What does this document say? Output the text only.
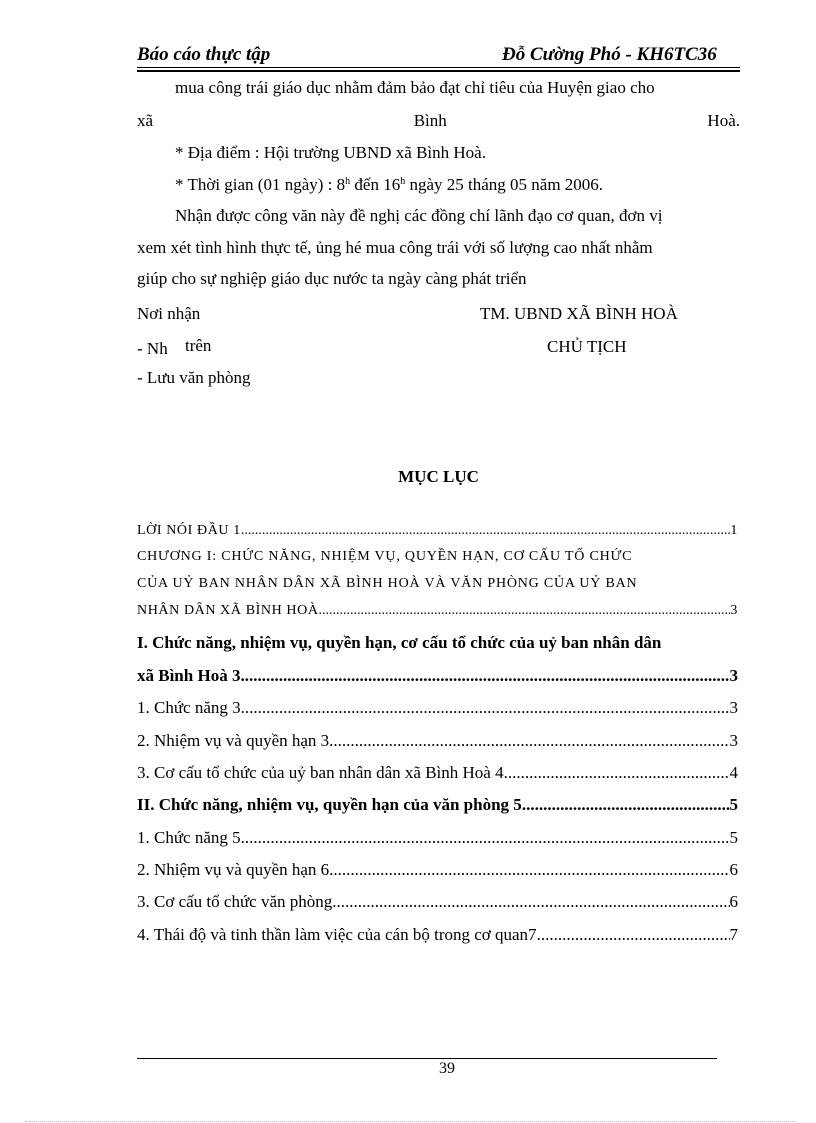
Báo cáo thực tập	Đỗ Cường Phó - KH6TC36
mua công trái giáo dục nhằm đảm bảo đạt chỉ tiêu của Huyện giao cho
xã	Bình	Hoà.
* Địa điểm : Hội trường UBND xã Bình Hoà.
* Thời gian (01 ngày) : 8$^h$ đến 16$^h$ ngày 25 tháng 05 năm 2006.
Nhận được công văn này đề nghị các đồng chí lãnh đạo cơ quan, đơn vị
xem xét tình hình thực tế, ủng hé mua công trái với số lượng cao nhất nhằm
giúp cho sự nghiệp giáo dục nước ta ngày càng phát triển
Nơi nhận	TM. UBND XÃ BÌNH HOÀ
- Nh trên	CHỦ TỊCH
- Lưu văn phòng
MỤC LỤC
LỜI NÓI ĐẦU 1 .....	1
CHƯƠNG I: CHỨC NĂNG, NHIỆM VỤ, QUYỀN HẠN, CƠ CẤU TỔ CHỨC
CỦA UỶ BAN NHÂN DÂN XÃ BÌNH HOÀ VÀ VĂN PHÒNG CỦA UỶ BAN
NHÂN DÂN XÃ BÌNH HOÀ .....	3
I. Chức năng, nhiệm vụ, quyền hạn, cơ cấu tổ chức của uỷ ban nhân dân
xã Bình Hoà 3 .....	3
1. Chức năng 3 .....	3
2. Nhiệm vụ và quyền hạn 3 .....	3
3. Cơ cấu tổ chức của uỷ ban nhân dân xã Bình Hoà 4 .....	4
II. Chức năng, nhiệm vụ, quyền hạn của văn phòng 5 .....	5
1. Chức năng 5 .....	5
2. Nhiệm vụ và quyền hạn 6 .....	6
3. Cơ cấu tổ chức văn phòng .....	6
4. Thái độ và tinh thần làm việc của cán bộ trong cơ quan7 .....	7
39
